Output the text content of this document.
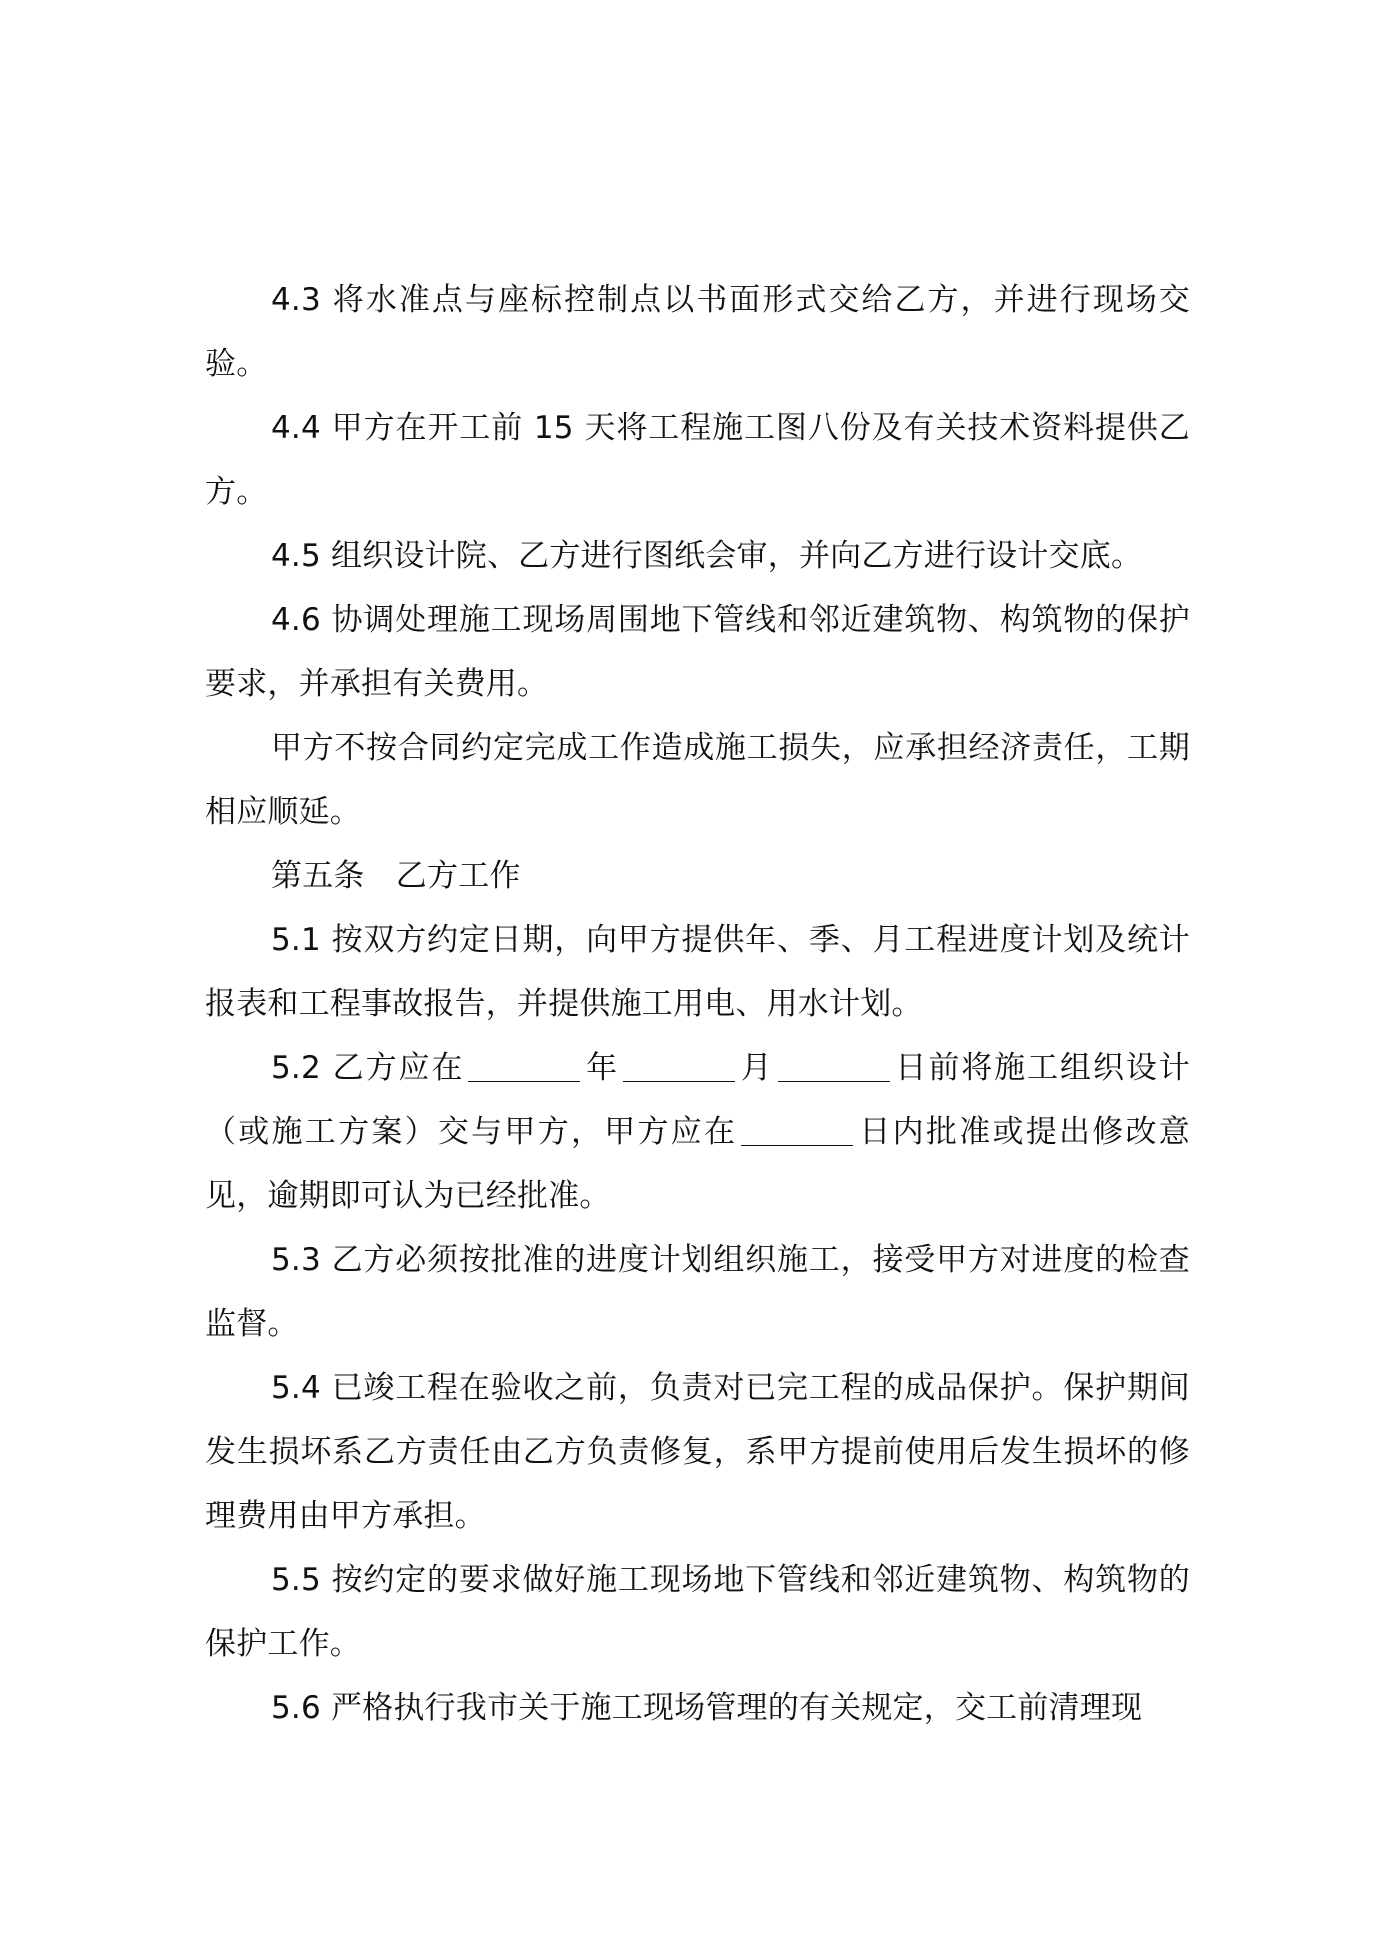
4.3 将水准点与座标控制点以书面形式交给乙方，并进行现场交验。

4.4 甲方在开工前 15 天将工程施工图八份及有关技术资料提供乙方。

4.5 组织设计院、乙方进行图纸会审，并向乙方进行设计交底。

4.6 协调处理施工现场周围地下管线和邻近建筑物、构筑物的保护要求，并承担有关费用。

甲方不按合同约定完成工作造成施工损失，应承担经济责任，工期相应顺延。

第五条　乙方工作

5.1 按双方约定日期，向甲方提供年、季、月工程进度计划及统计报表和工程事故报告，并提供施工用电、用水计划。

5.2 乙方应在	年	月	日前将施工组织设计（或施工方案）交与甲方，甲方应在	日内批准或提出修改意见，逾期即可认为已经批准。

5.3 乙方必须按批准的进度计划组织施工，接受甲方对进度的检查监督。

5.4 已竣工程在验收之前，负责对已完工程的成品保护。保护期间发生损坏系乙方责任由乙方负责修复，系甲方提前使用后发生损坏的修理费用由甲方承担。

5.5 按约定的要求做好施工现场地下管线和邻近建筑物、构筑物的保护工作。

5.6 严格执行我市关于施工现场管理的有关规定，交工前清理现
